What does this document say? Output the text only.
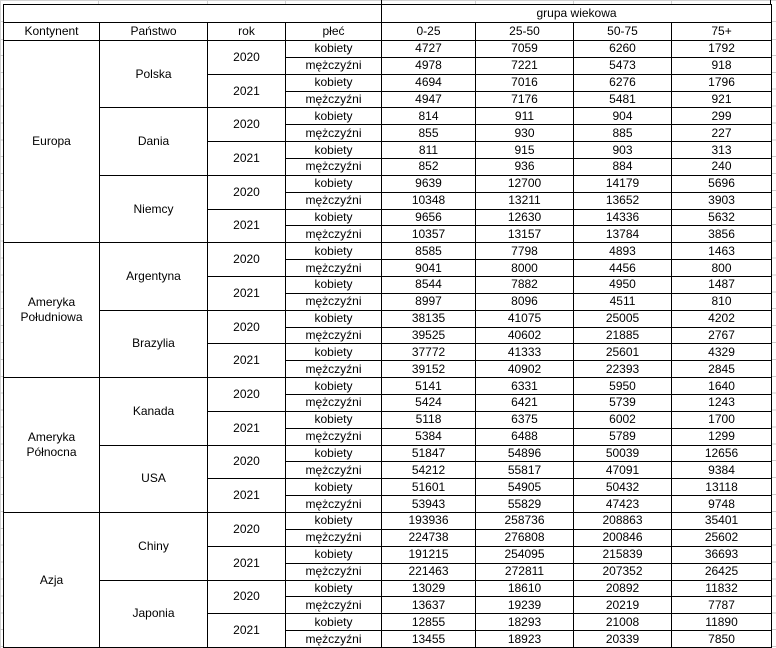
				grupa wiekowa			
Kontynent	Państwo	rok	płeć	0-25	25-50	50-75	75+
Europa	Polska	2020	kobiety	4727	7059	6260	1792
			mężczyźni	4978	7221	5473	918
		2021	kobiety	4694	7016	6276	1796
			mężczyźni	4947	7176	5481	921
	Dania	2020	kobiety	814	911	904	299
			mężczyźni	855	930	885	227
		2021	kobiety	811	915	903	313
			mężczyźni	852	936	884	240
	Niemcy	2020	kobiety	9639	12700	14179	5696
			mężczyźni	10348	13211	13652	3903
		2021	kobiety	9656	12630	14336	5632
			mężczyźni	10357	13157	13784	3856
Ameryka Południowa	Argentyna	2020	kobiety	8585	7798	4893	1463
			mężczyźni	9041	8000	4456	800
		2021	kobiety	8544	7882	4950	1487
			mężczyźni	8997	8096	4511	810
	Brazylia	2020	kobiety	38135	41075	25005	4202
			mężczyźni	39525	40602	21885	2767
		2021	kobiety	37772	41333	25601	4329
			mężczyźni	39152	40902	22393	2845
Ameryka Północna	Kanada	2020	kobiety	5141	6331	5950	1640
			mężczyźni	5424	6421	5739	1243
		2021	kobiety	5118	6375	6002	1700
			mężczyźni	5384	6488	5789	1299
	USA	2020	kobiety	51847	54896	50039	12656
			mężczyźni	54212	55817	47091	9384
		2021	kobiety	51601	54905	50432	13118
			mężczyźni	53943	55829	47423	9748
Azja	Chiny	2020	kobiety	193936	258736	208863	35401
			mężczyźni	224738	276808	200846	25602
		2021	kobiety	191215	254095	215839	36693
			mężczyźni	221463	272811	207352	26425
	Japonia	2020	kobiety	13029	18610	20892	11832
			mężczyźni	13637	19239	20219	7787
		2021	kobiety	12855	18293	21008	11890
			mężczyźni	13455	18923	20339	7850
